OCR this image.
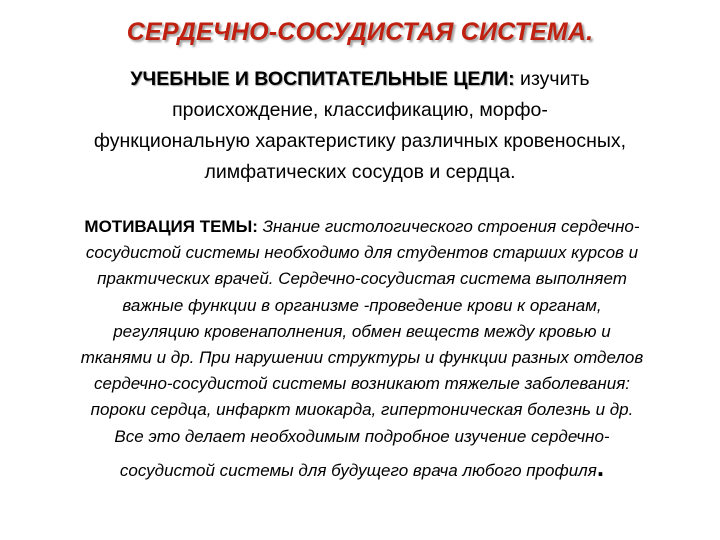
СЕРДЕЧНО-СОСУДИСТАЯ СИСТЕМА.
УЧЕБНЫЕ И ВОСПИТАТЕЛЬНЫЕ ЦЕЛИ: изучить
происхождение, классификацию, морфо-
функциональную характеристику различных кровеносных,
лимфатических сосудов и сердца.
МОТИВАЦИЯ ТЕМЫ: Знание гистологического строения сердечно-
сосудистой системы необходимо для студентов старших курсов и
практических врачей. Сердечно-сосудистая система выполняет
важные функции в организме -проведение крови к органам,
регуляцию кровенаполнения, обмен веществ между кровью и
тканями и др. При нарушении структуры и функции разных отделов
сердечно-сосудистой системы возникают тяжелые заболевания:
пороки сердца, инфаркт миокарда, гипертоническая болезнь и др.
Все это делает необходимым подробное изучение сердечно-
сосудистой системы для будущего врача любого профиля.
